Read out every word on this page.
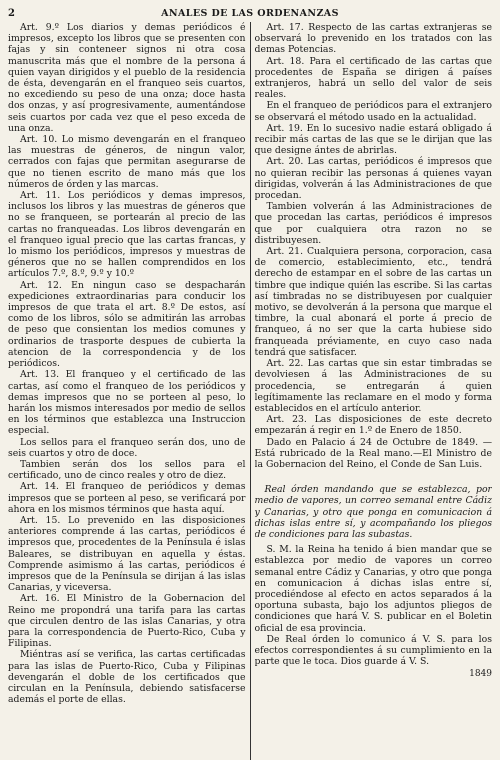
2	ANALES DE LAS ORDENANZAS

Art. 9.º Los diarios y demas periódicos é impresos, excepto los libros que se presenten con fajas y sin conteneer signos ni otra cosa manuscrita más que el nombre de la persona á quien vayan dirigidos y el pueblo de la residencia de ésta, devengarán en el franqueo seis cuartos, no excediendo su peso de una onza; doce hasta dos onzas, y así progresivamente, aumentándose seis cuartos por cada vez que el peso exceda de una onza.

Art. 10. Lo mismo devengarán en el franqueo las muestras de géneros, de ningun valor, cerrados con fajas que permitan asegurarse de que no tienen escrito de mano más que los números de órden y las marcas.

Art. 11. Los periódicos y demas impresos, inclusos los libros y las muestras de géneros que no se franqueen, se portearán al precio de las cartas no franqueadas. Los libros devengarán en el franqueo igual precio que las cartas francas, y lo mismo los periódicos, impresos y muestras de géneros que no se hallen comprendidos en los artículos 7.º, 8.º, 9.º y 10.º

Art. 12. En ningun caso se despacharán expediciones extraordinarias para conducir los impresos de que trata el art. 8.º De estos, así como de los libros, sólo se admitirán las arrobas de peso que consientan los medios comunes y ordinarios de trasporte despues de cubierta la atencion de la correspondencia y de los periódicos.

Art. 13. El franqueo y el certificado de las cartas, así como el franqueo de los periódicos y demas impresos que no se porteen al peso, lo harán los mismos interesados por medio de sellos en los términos que establezca una Instruccion especial.

Los sellos para el franqueo serán dos, uno de seis cuartos y otro de doce.

Tambien serán dos los sellos para el certificado, uno de cinco reales y otro de diez.

Art. 14. El franqueo de periódicos y demas impresos que se porteen al peso, se verificará por ahora en los mismos términos que hasta aquí.

Art. 15. Lo prevenido en las disposiciones anteriores comprende á las cartas, periódicos é impresos que, procedentes de la Península é islas Baleares, se distribuyan en aquella y éstas. Comprende asimismo á las cartas, periódicos é impresos que de la Península se dirijan á las islas Canarias, y viceversa.

Art. 16. El Ministro de la Gobernacion del Reino me propondrá una tarifa para las cartas que circulen dentro de las islas Canarias, y otra para la correspondencia de Puerto-Rico, Cuba y Filipinas.

Miéntras así se verifica, las cartas certificadas para las islas de Puerto-Rico, Cuba y Filipinas devengarán el doble de los certificados que circulan en la Península, debiendo satisfacerse además el porte de ellas.

Art. 17. Respecto de las cartas extranjeras se observará lo prevenido en los tratados con las demas Potencias.

Art. 18. Para el certificado de las cartas que procedentes de España se dirigen á países extranjeros, habrá un sello del valor de seis reales.

En el franqueo de periódicos para el extranjero se observará el método usado en la actualidad.

Art. 19. En lo sucesivo nadie estará obligado á recibir más cartas de las que se le dirijan que las que designe ántes de abrirlas.

Art. 20. Las cartas, periódicos é impresos que no quieran recibir las personas á quienes vayan dirigidas, volverán á las Administraciones de que procedan.

Tambien volverán á las Administraciones de que procedan las cartas, periódicos é impresos que por cualquiera otra razon no se distribuyesen.

Art. 21. Cualquiera persona, corporacion, casa de comercio, establecimiento, etc., tendrá derecho de estampar en el sobre de las cartas un timbre que indique quién las escribe. Si las cartas así timbradas no se distribuyesen por cualquier motivo, se devolverán á la persona que marque el timbre, la cual abonará el porte á precio de franqueo, á no ser que la carta hubiese sido franqueada préviamente, en cuyo caso nada tendrá que satisfacer.

Art. 22. Las cartas que sin estar timbradas se devolviesen á las Administraciones de su procedencia, se entregarán á quien legítimamente las reclamare en el modo y forma establecidos en el artículo anterior.

Art. 23. Las disposiciones de este decreto empezarán á regir en 1.º de Enero de 1850.

Dado en Palacio á 24 de Octubre de 1849. —Está rubricado de la Real mano.—El Ministro de la Gobernacion del Reino, el Conde de San Luis.

Real órden mandando que se establezca, por medio de vapores, un correo semanal entre Cádiz y Canarias, y otro que ponga en comunicacion á dichas islas entre sí, y acompañando los pliegos de condiciones para las subastas.

S. M. la Reina ha tenido á bien mandar que se establezca por medio de vapores un correo semanal entre Cádiz y Canarias, y otro que ponga en comunicacion á dichas islas entre sí, procediéndose al efecto en actos separados á la oportuna subasta, bajo los adjuntos pliegos de condiciones que hará V. S. publicar en el Boletin oficial de esa provincia.

De Real órden lo comunico á V. S. para los efectos correspondientes á su cumplimiento en la parte que le toca. Dios guarde á V. S.

1849
